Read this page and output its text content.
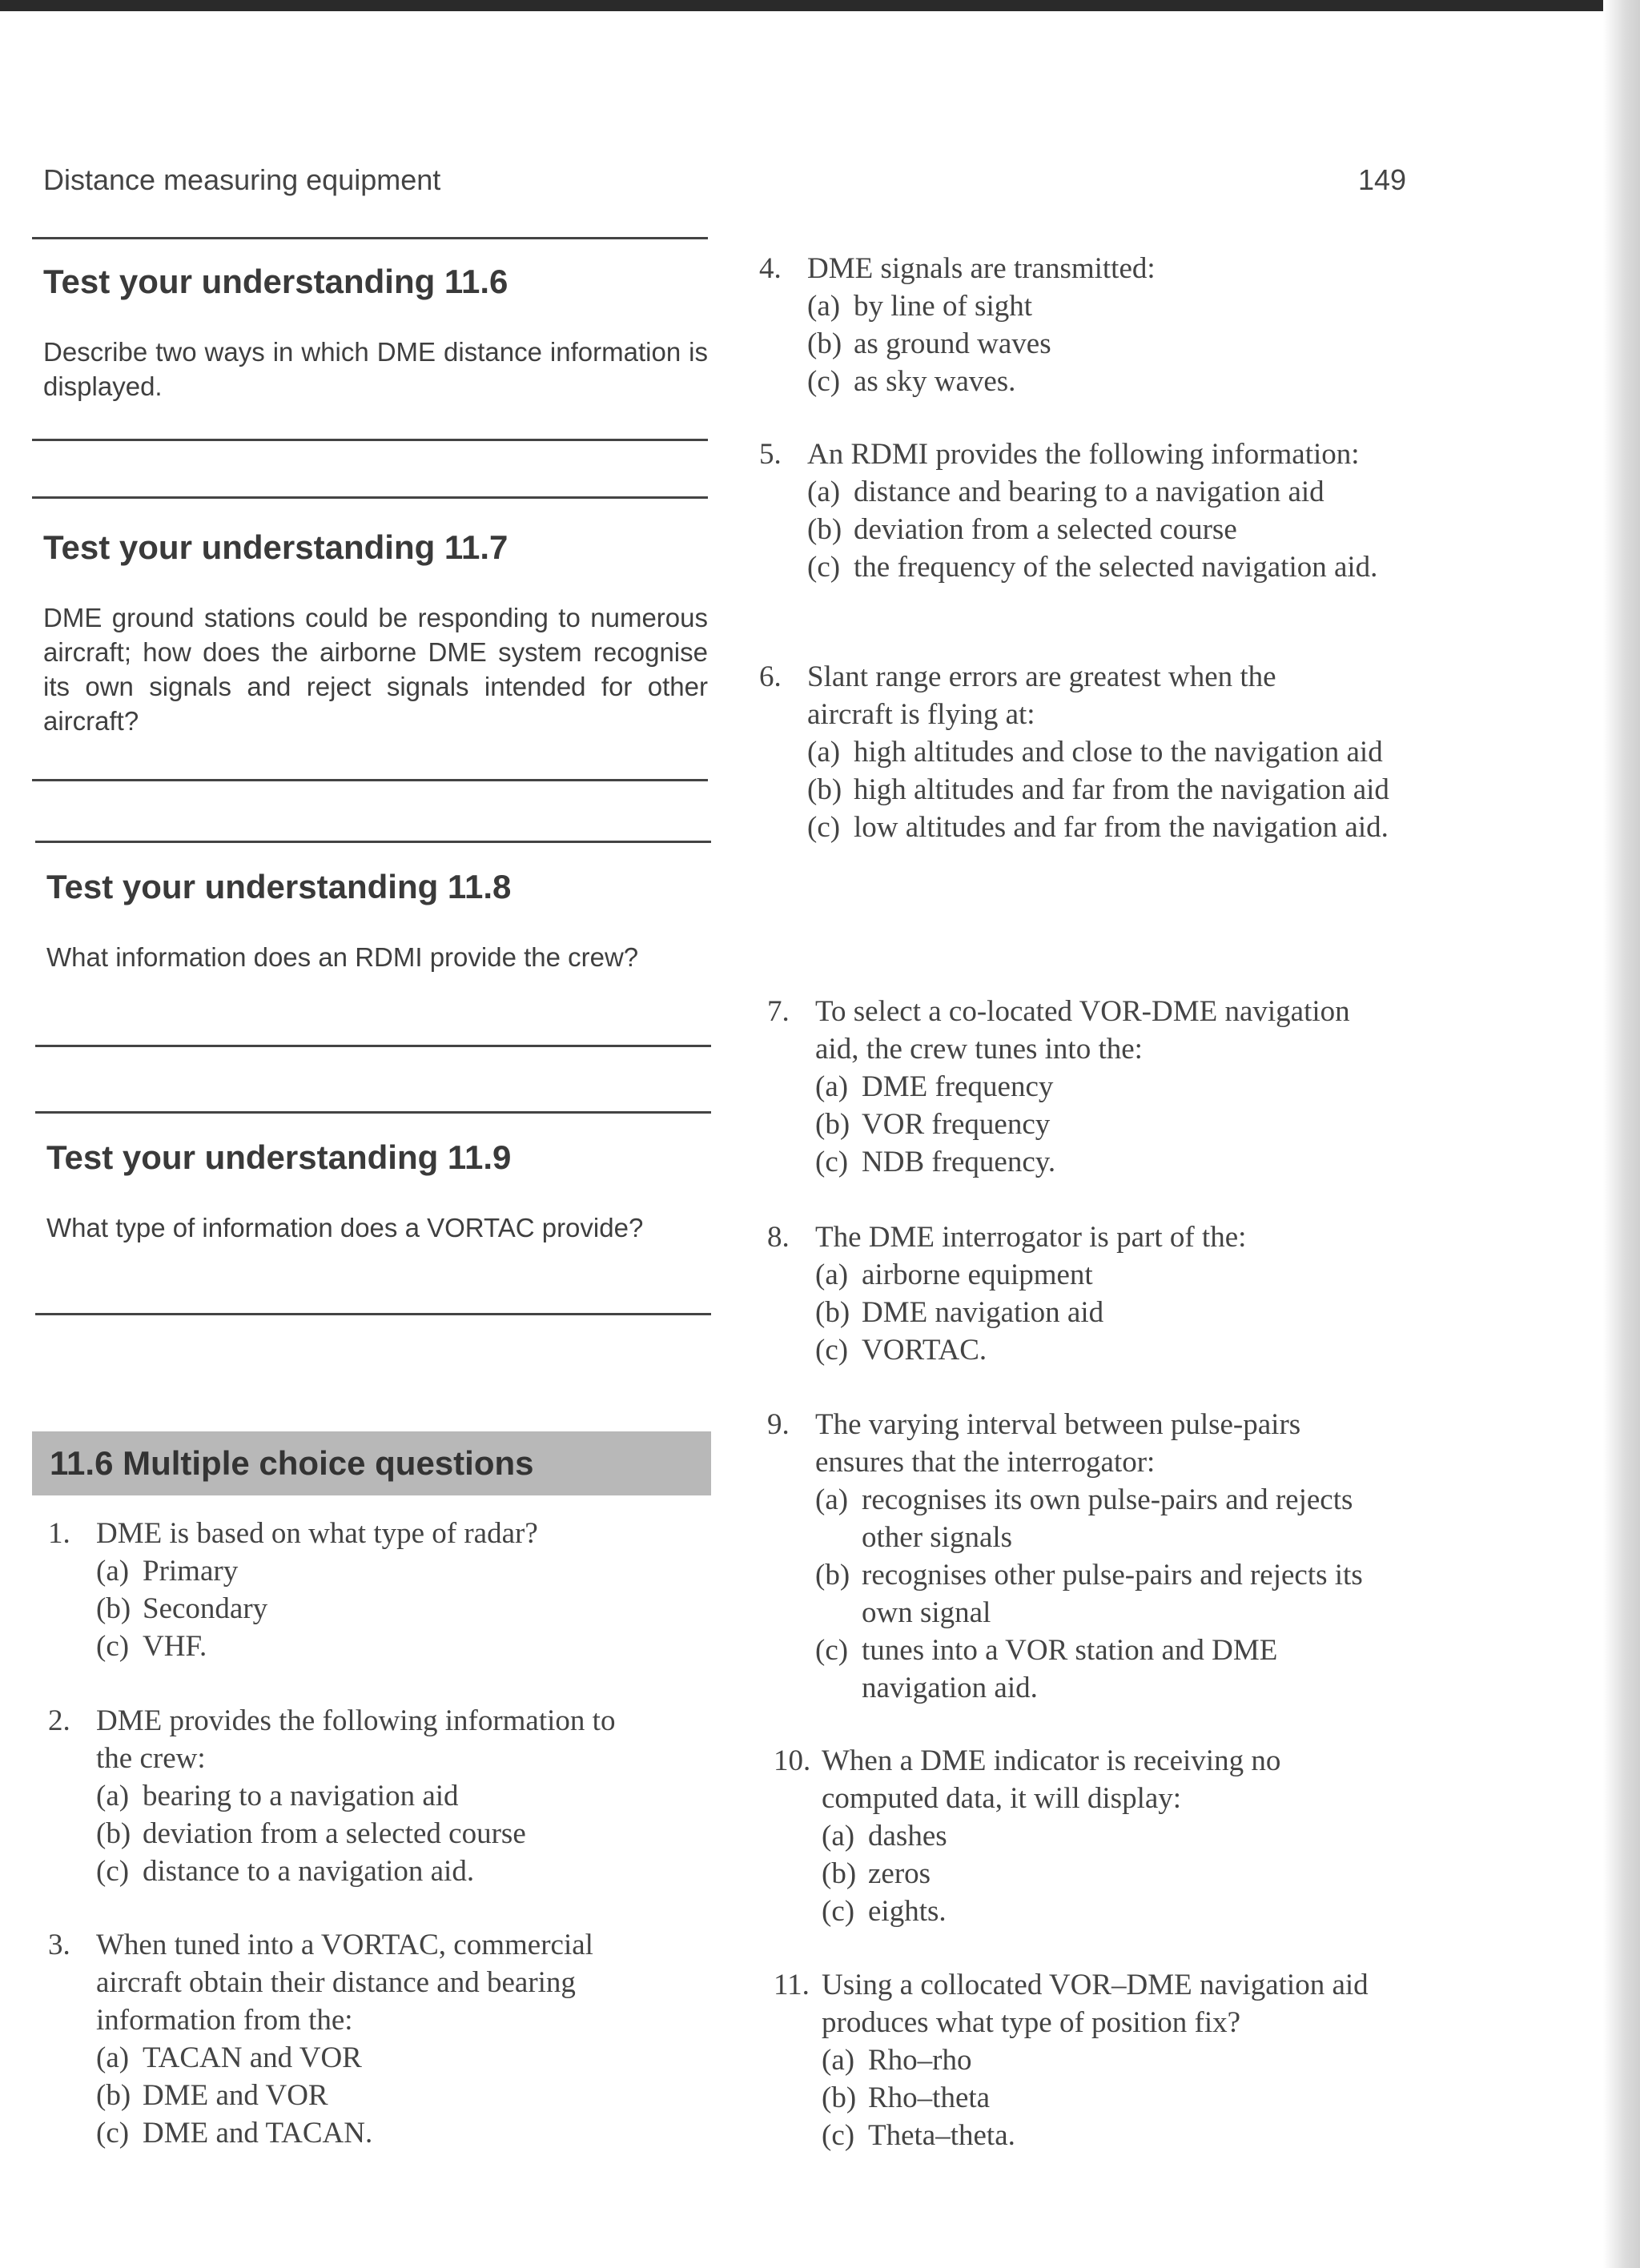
Distance measuring equipment	149
Test your understanding 11.6

Describe two ways in which DME distance information is displayed.

Test your understanding 11.7

DME ground stations could be responding to numerous aircraft; how does the airborne DME system recognise its own signals and reject signals intended for other aircraft?

Test your understanding 11.8

What information does an RDMI provide the crew?

Test your understanding 11.9

What type of information does a VORTAC provide?

11.6 Multiple choice questions
1. DME is based on what type of radar?
(a) Primary
(b) Secondary
(c) VHF.
2. DME provides the following information to
the crew:
(a) bearing to a navigation aid
(b) deviation from a selected course
(c) distance to a navigation aid.
3. When tuned into a VORTAC, commercial
aircraft obtain their distance and bearing
information from the:
(a) TACAN and VOR
(b) DME and VOR
(c) DME and TACAN.
4. DME signals are transmitted:
(a) by line of sight
(b) as ground waves
(c) as sky waves.
5. An RDMI provides the following information:
(a) distance and bearing to a navigation aid
(b) deviation from a selected course
(c) the frequency of the selected navigation aid.
6. Slant range errors are greatest when the
aircraft is flying at:
(a) high altitudes and close to the navigation aid
(b) high altitudes and far from the navigation aid
(c) low altitudes and far from the navigation aid.
7. To select a co-located VOR-DME navigation
aid, the crew tunes into the:
(a) DME frequency
(b) VOR frequency
(c) NDB frequency.
8. The DME interrogator is part of the:
(a) airborne equipment
(b) DME navigation aid
(c) VORTAC.
9. The varying interval between pulse-pairs
ensures that the interrogator:
(a) recognises its own pulse-pairs and rejects other signals
(b) recognises other pulse-pairs and rejects its own signal
(c) tunes into a VOR station and DME navigation aid.
10. When a DME indicator is receiving no
computed data, it will display:
(a) dashes
(b) zeros
(c) eights.
11. Using a collocated VOR–DME navigation aid
produces what type of position fix?
(a) Rho–rho
(b) Rho–theta
(c) Theta–theta.
